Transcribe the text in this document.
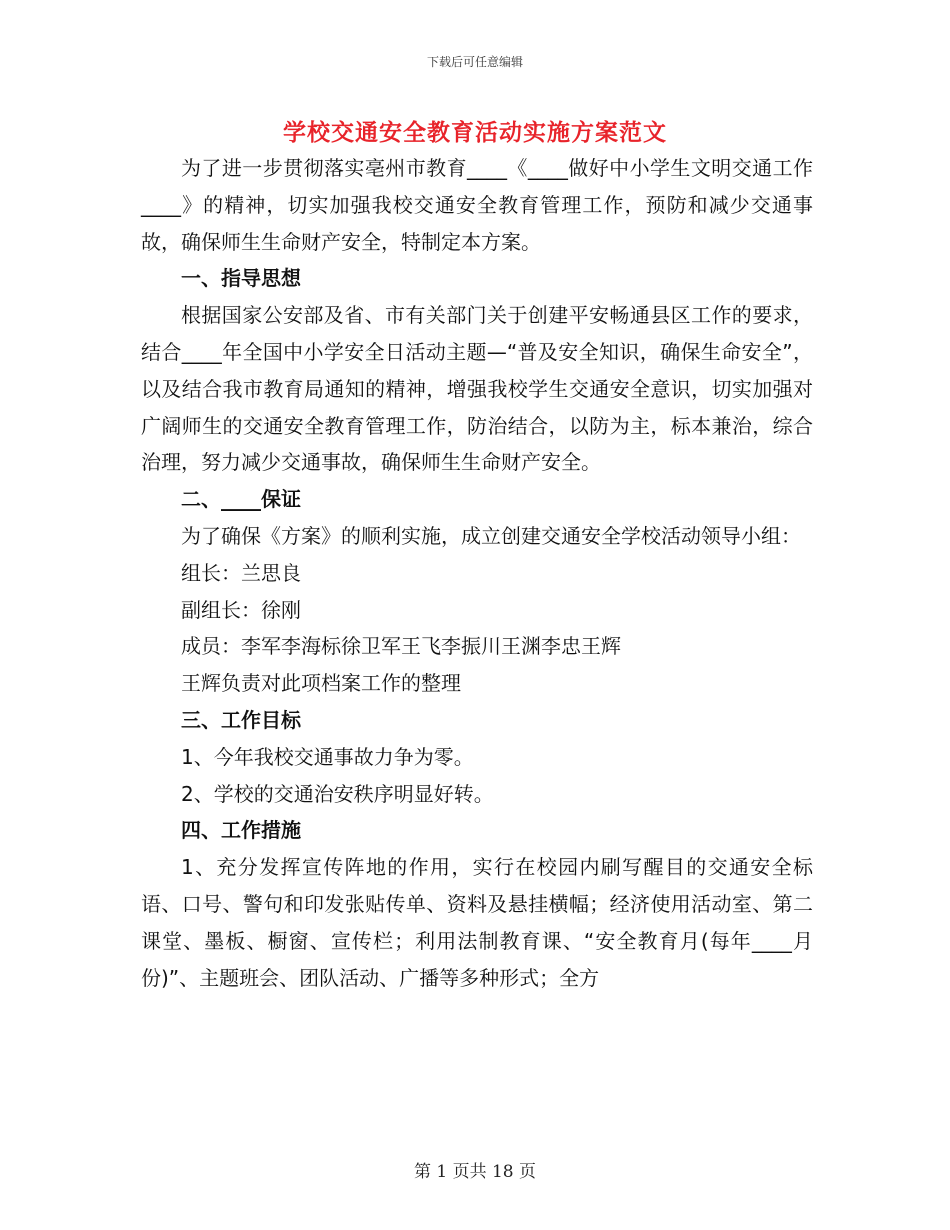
下载后可任意编辑
学校交通安全教育活动实施方案范文

为了进一步贯彻落实亳州市教育____《____做好中小学生文明交通工作____》的精神，切实加强我校交通安全教育管理工作，预防和减少交通事故，确保师生生命财产安全，特制定本方案。

一、指导思想

根据国家公安部及省、市有关部门关于创建平安畅通县区工作的要求，结合____年全国中小学安全日活动主题—“普及安全知识，确保生命安全”，以及结合我市教育局通知的精神，增强我校学生交通安全意识，切实加强对广阔师生的交通安全教育管理工作，防治结合，以防为主，标本兼治，综合治理，努力减少交通事故，确保师生生命财产安全。

二、____保证

为了确保《方案》的顺利实施，成立创建交通安全学校活动领导小组：

组长：兰思良

副组长：徐刚

成员：李军李海标徐卫军王飞李振川王渊李忠王辉

王辉负责对此项档案工作的整理

三、工作目标

1、今年我校交通事故力争为零。

2、学校的交通治安秩序明显好转。

四、工作措施

1、充分发挥宣传阵地的作用，实行在校园内刷写醒目的交通安全标语、口号、警句和印发张贴传单、资料及悬挂横幅；经济使用活动室、第二课堂、墨板、橱窗、宣传栏；利用法制教育课、“安全教育月(每年____月份)”、主题班会、团队活动、广播等多种形式；全方

第 1 页共 18 页
